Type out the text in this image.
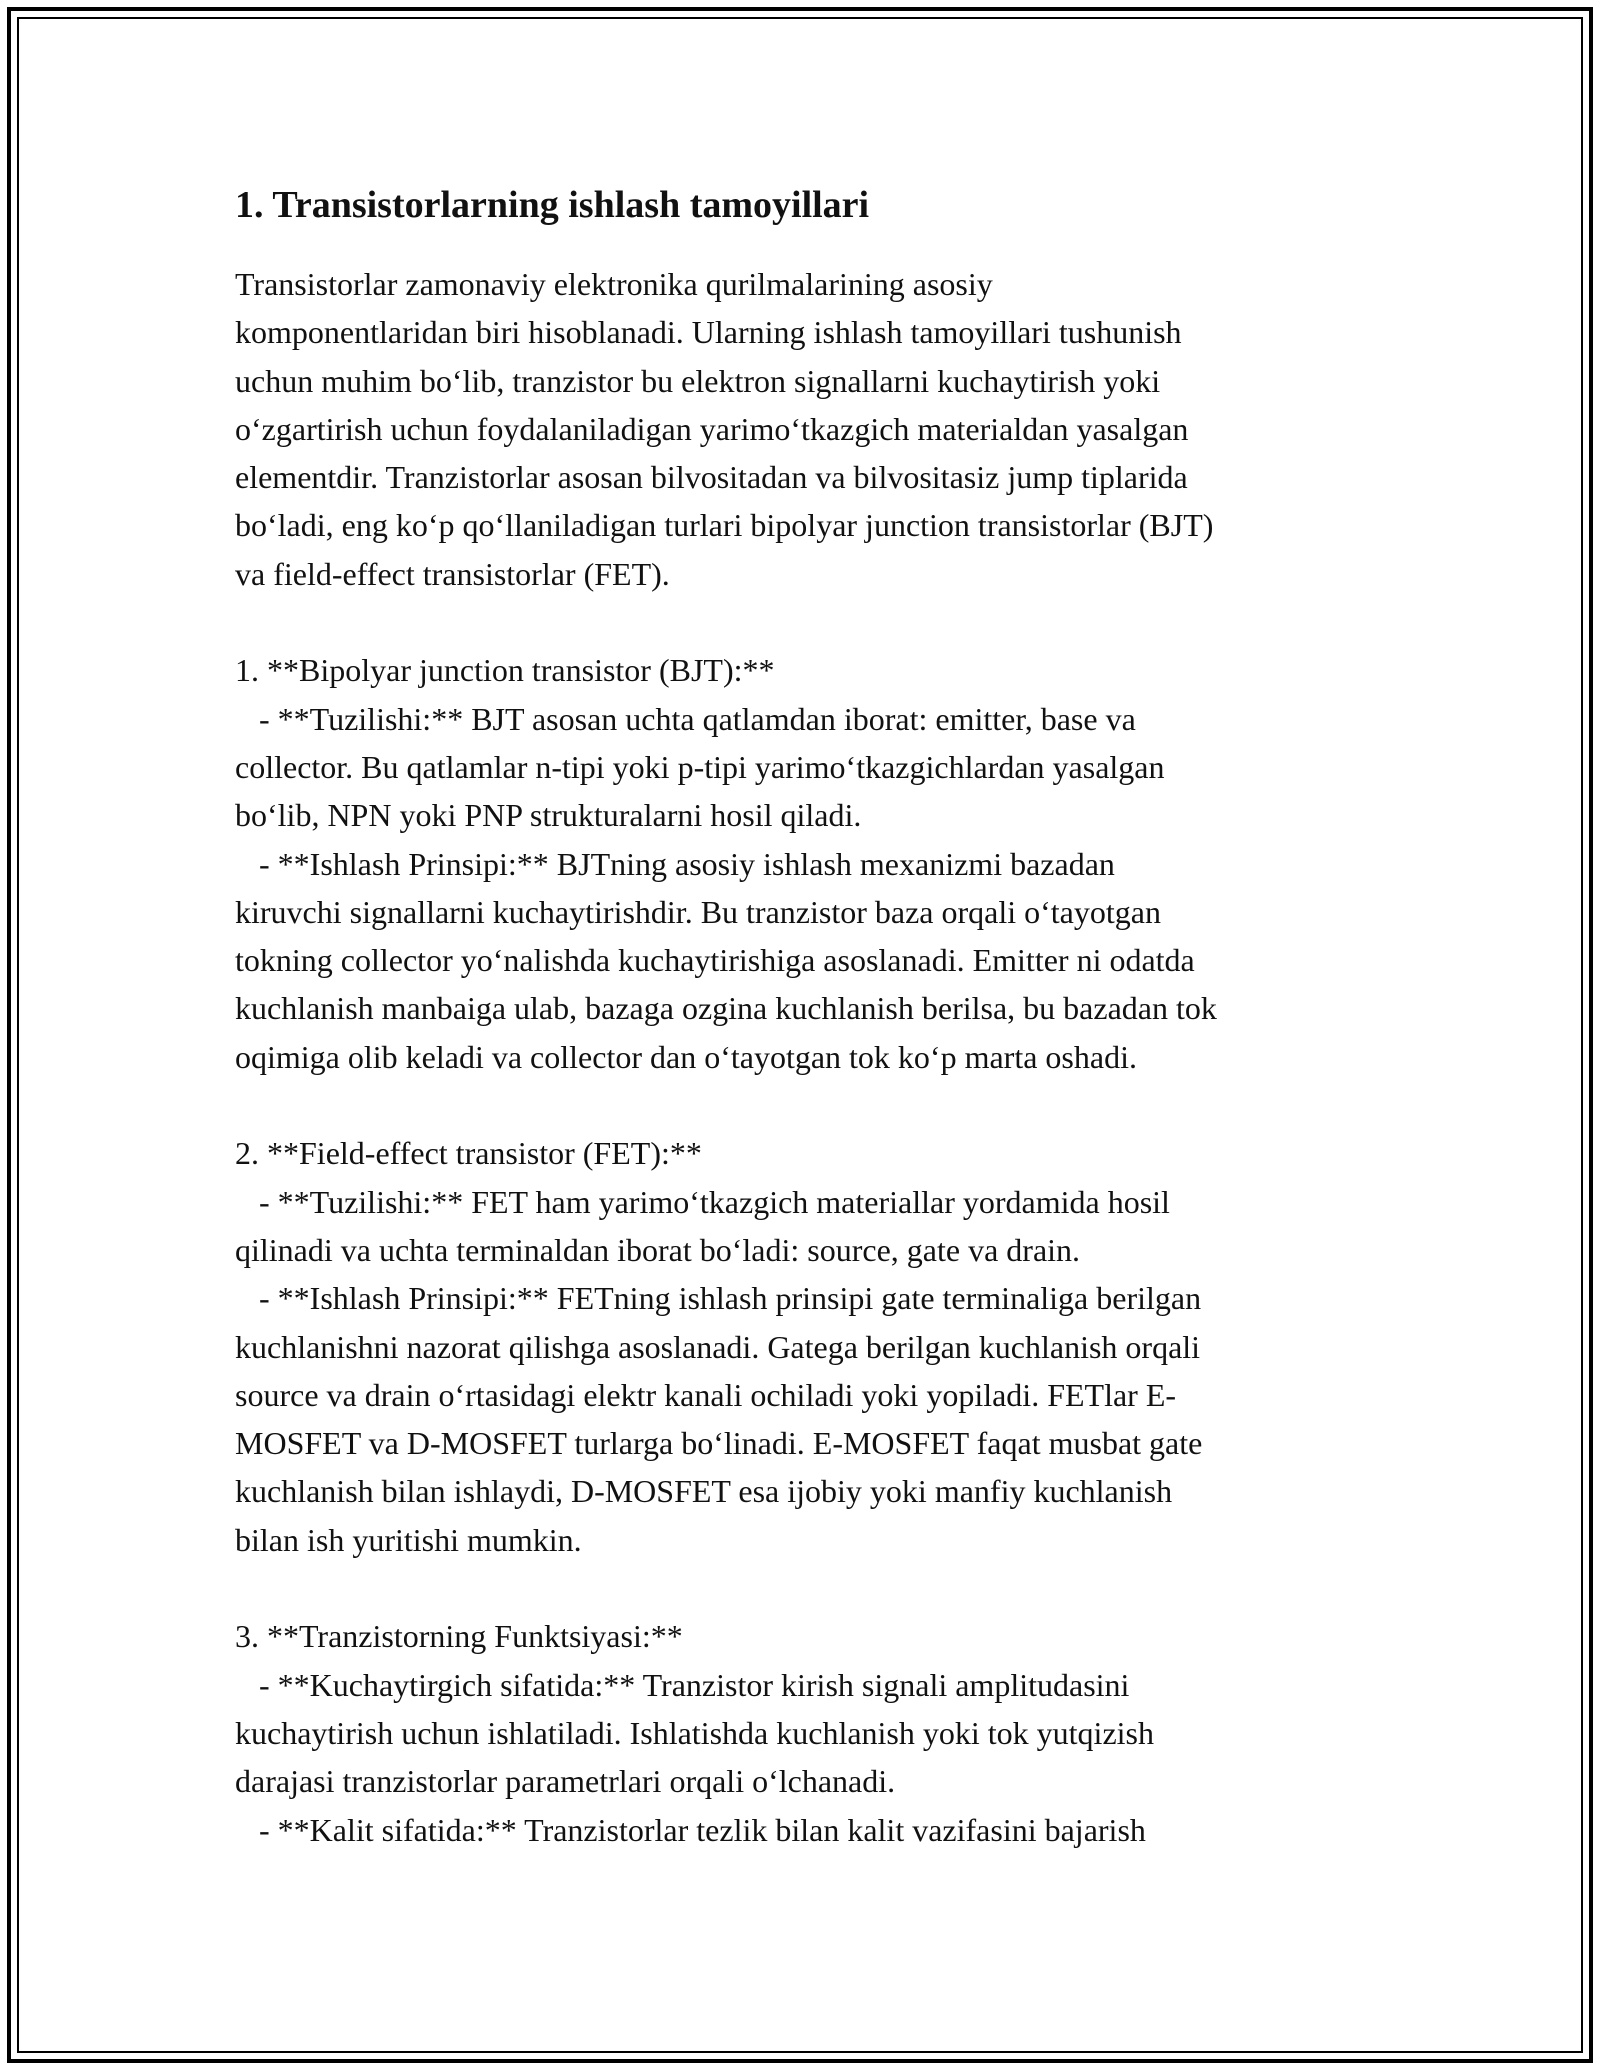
1. Transistorlarning ishlash tamoyillari

Transistorlar zamonaviy elektronika qurilmalarining asosiy
komponentlaridan biri hisoblanadi. Ularning ishlash tamoyillari tushunish
uchun muhim bo‘lib, tranzistor bu elektron signallarni kuchaytirish yoki
o‘zgartirish uchun foydalaniladigan yarimo‘tkazgich materialdan yasalgan
elementdir. Tranzistorlar asosan bilvositadan va bilvositasiz jump tiplarida
bo‘ladi, eng ko‘p qo‘llaniladigan turlari bipolyar junction transistorlar (BJT)
va field-effect transistorlar (FET).

1. **Bipolyar junction transistor (BJT):**
- **Tuzilishi:** BJT asosan uchta qatlamdan iborat: emitter, base va
collector. Bu qatlamlar n-tipi yoki p-tipi yarimo‘tkazgichlardan yasalgan
bo‘lib, NPN yoki PNP strukturalarni hosil qiladi.
- **Ishlash Prinsipi:** BJTning asosiy ishlash mexanizmi bazadan
kiruvchi signallarni kuchaytirishdir. Bu tranzistor baza orqali o‘tayotgan
tokning collector yo‘nalishda kuchaytirishiga asoslanadi. Emitter ni odatda
kuchlanish manbaiga ulab, bazaga ozgina kuchlanish berilsa, bu bazadan tok
oqimiga olib keladi va collector dan o‘tayotgan tok ko‘p marta oshadi.

2. **Field-effect transistor (FET):**
- **Tuzilishi:** FET ham yarimo‘tkazgich materiallar yordamida hosil
qilinadi va uchta terminaldan iborat bo‘ladi: source, gate va drain.
- **Ishlash Prinsipi:** FETning ishlash prinsipi gate terminaliga berilgan
kuchlanishni nazorat qilishga asoslanadi. Gatega berilgan kuchlanish orqali
source va drain o‘rtasidagi elektr kanali ochiladi yoki yopiladi. FETlar E-
MOSFET va D-MOSFET turlarga bo‘linadi. E-MOSFET faqat musbat gate
kuchlanish bilan ishlaydi, D-MOSFET esa ijobiy yoki manfiy kuchlanish
bilan ish yuritishi mumkin.

3. **Tranzistorning Funktsiyasi:**
- **Kuchaytirgich sifatida:** Tranzistor kirish signali amplitudasini
kuchaytirish uchun ishlatiladi. Ishlatishda kuchlanish yoki tok yutqizish
darajasi tranzistorlar parametrlari orqali o‘lchanadi.
- **Kalit sifatida:** Tranzistorlar tezlik bilan kalit vazifasini bajarish
